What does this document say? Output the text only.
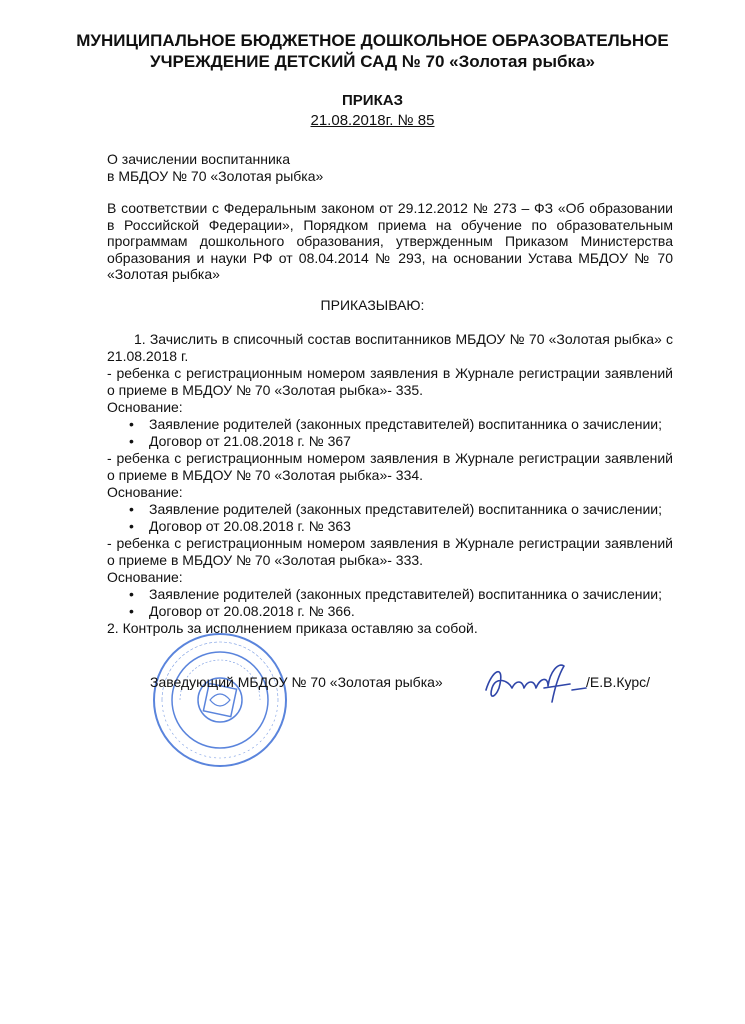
МУНИЦИПАЛЬНОЕ БЮДЖЕТНОЕ ДОШКОЛЬНОЕ ОБРАЗОВАТЕЛЬНОЕ
УЧРЕЖДЕНИЕ ДЕТСКИЙ САД № 70 «Золотая рыбка»
ПРИКАЗ
21.08.2018г. № 85
О зачислении воспитанника
в МБДОУ № 70 «Золотая рыбка»
В соответствии с Федеральным законом от 29.12.2012 № 273 – ФЗ «Об образовании в Российской Федерации», Порядком приема на обучение по образовательным программам дошкольного образования, утвержденным Приказом Министерства образования и науки РФ от 08.04.2014 № 293, на основании Устава МБДОУ № 70 «Золотая рыбка»
ПРИКАЗЫВАЮ:

1. Зачислить в списочный состав воспитанников МБДОУ № 70 «Золотая рыбка» с 21.08.2018 г.

- ребенка с регистрационным номером заявления в Журнале регистрации заявлений о приеме в МБДОУ № 70 «Золотая рыбка»- 335.

Основание:

• Заявление родителей (законных представителей) воспитанника о зачислении;
• Договор от 21.08.2018 г. № 367

- ребенка с регистрационным номером заявления в Журнале регистрации заявлений о приеме в МБДОУ № 70 «Золотая рыбка»- 334.

Основание:

• Заявление родителей (законных представителей) воспитанника о зачислении;
• Договор от 20.08.2018 г. № 363

- ребенка с регистрационным номером заявления в Журнале регистрации заявлений о приеме в МБДОУ № 70 «Золотая рыбка»- 333.

Основание:

• Заявление родителей (законных представителей) воспитанника о зачислении;
• Договор от 20.08.2018 г. № 366.

2. Контроль за исполнением приказа оставляю за собой.

Заведующий МБДОУ № 70 «Золотая рыбка»	/Е.В.Курс/
